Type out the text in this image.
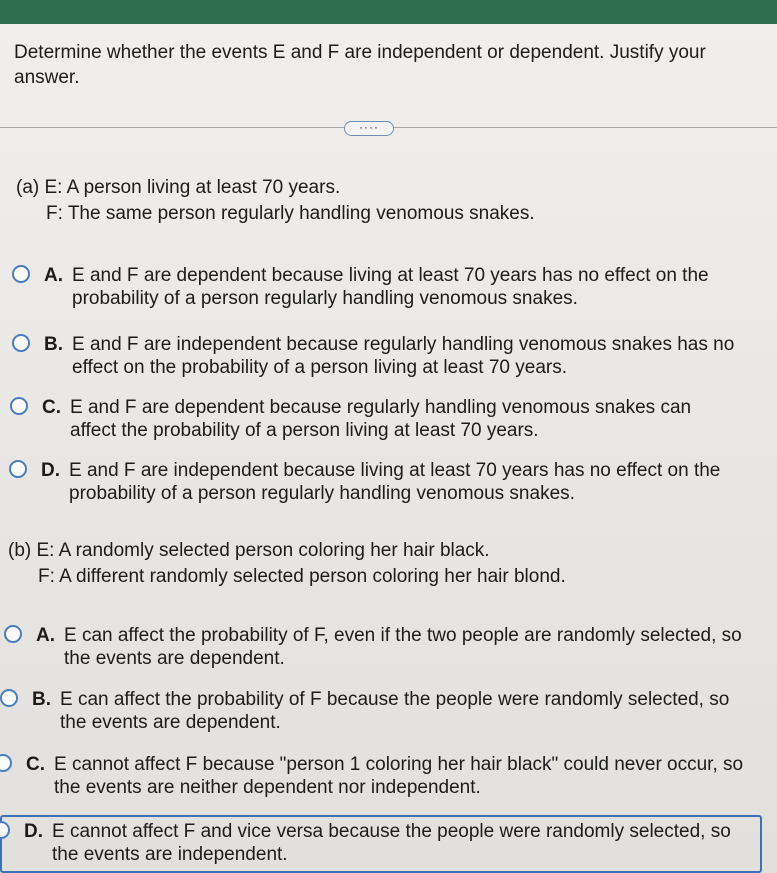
Determine whether the events E and F are independent or dependent. Justify your answer.
····
(a) E: A person living at least 70 years.
F: The same person regularly handling venomous snakes.
A. E and F are dependent because living at least 70 years has no effect on the probability of a person regularly handling venomous snakes.
B. E and F are independent because regularly handling venomous snakes has no effect on the probability of a person living at least 70 years.
C. E and F are dependent because regularly handling venomous snakes can affect the probability of a person living at least 70 years.
D. E and F are independent because living at least 70 years has no effect on the probability of a person regularly handling venomous snakes.
(b) E: A randomly selected person coloring her hair black.
F: A different randomly selected person coloring her hair blond.
A. E can affect the probability of F, even if the two people are randomly selected, so the events are dependent.
B. E can affect the probability of F because the people were randomly selected, so the events are dependent.
C. E cannot affect F because "person 1 coloring her hair black" could never occur, so the events are neither dependent nor independent.
D. E cannot affect F and vice versa because the people were randomly selected, so the events are independent.
